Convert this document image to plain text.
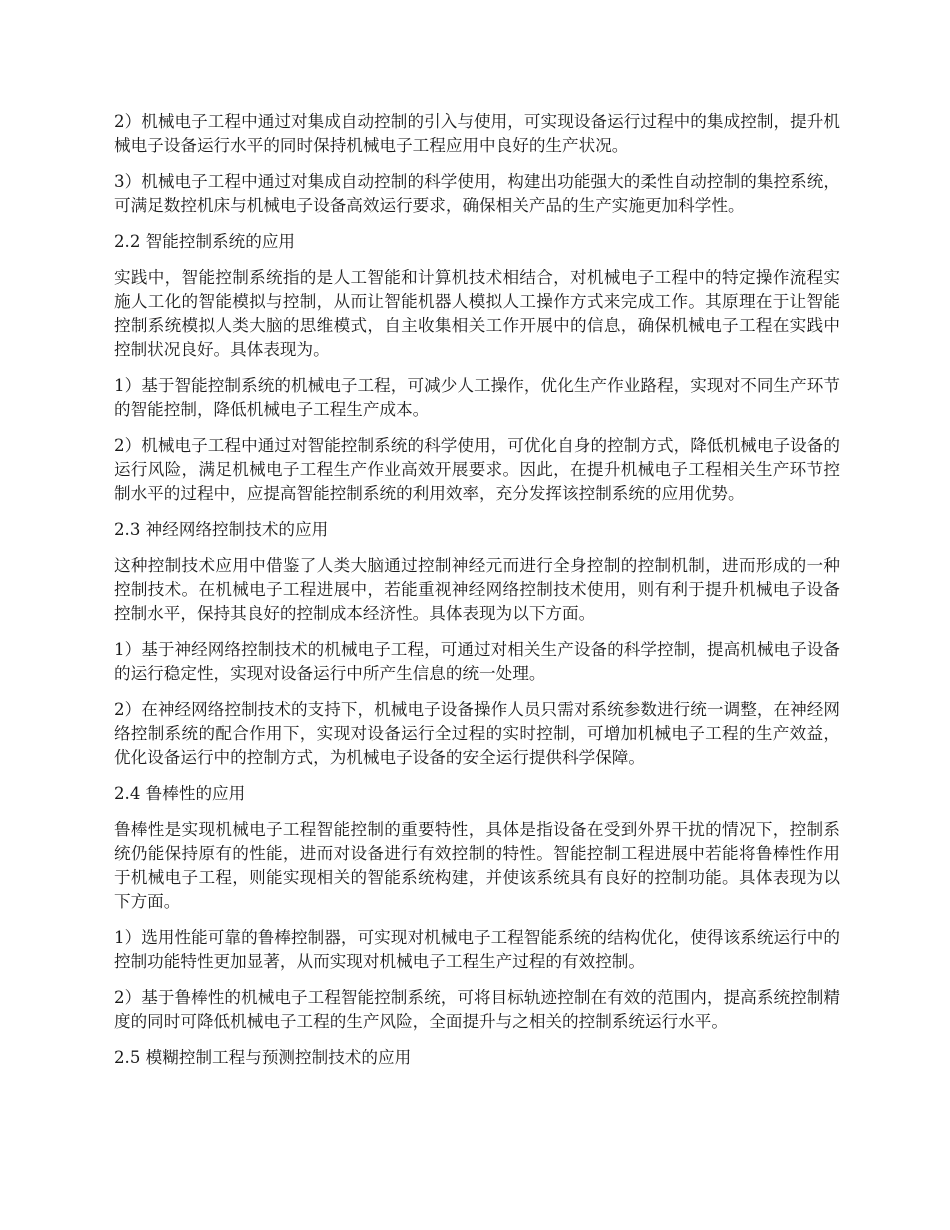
2）机械电子工程中通过对集成自动控制的引入与使用，可实现设备运行过程中的集成控制，提升机械电子设备运行水平的同时保持机械电子工程应用中良好的生产状况。

3）机械电子工程中通过对集成自动控制的科学使用，构建出功能强大的柔性自动控制的集控系统，可满足数控机床与机械电子设备高效运行要求，确保相关产品的生产实施更加科学性。

2.2 智能控制系统的应用

实践中，智能控制系统指的是人工智能和计算机技术相结合，对机械电子工程中的特定操作流程实施人工化的智能模拟与控制，从而让智能机器人模拟人工操作方式来完成工作。其原理在于让智能控制系统模拟人类大脑的思维模式，自主收集相关工作开展中的信息，确保机械电子工程在实践中控制状况良好。具体表现为。

1）基于智能控制系统的机械电子工程，可减少人工操作，优化生产作业路程，实现对不同生产环节的智能控制，降低机械电子工程生产成本。

2）机械电子工程中通过对智能控制系统的科学使用，可优化自身的控制方式，降低机械电子设备的运行风险，满足机械电子工程生产作业高效开展要求。因此，在提升机械电子工程相关生产环节控制水平的过程中，应提高智能控制系统的利用效率，充分发挥该控制系统的应用优势。

2.3 神经网络控制技术的应用

这种控制技术应用中借鉴了人类大脑通过控制神经元而进行全身控制的控制机制，进而形成的一种控制技术。在机械电子工程进展中，若能重视神经网络控制技术使用，则有利于提升机械电子设备控制水平，保持其良好的控制成本经济性。具体表现为以下方面。

1）基于神经网络控制技术的机械电子工程，可通过对相关生产设备的科学控制，提高机械电子设备的运行稳定性，实现对设备运行中所产生信息的统一处理。

2）在神经网络控制技术的支持下，机械电子设备操作人员只需对系统参数进行统一调整，在神经网络控制系统的配合作用下，实现对设备运行全过程的实时控制，可增加机械电子工程的生产效益，优化设备运行中的控制方式，为机械电子设备的安全运行提供科学保障。

2.4 鲁棒性的应用

鲁棒性是实现机械电子工程智能控制的重要特性，具体是指设备在受到外界干扰的情况下，控制系统仍能保持原有的性能，进而对设备进行有效控制的特性。智能控制工程进展中若能将鲁棒性作用于机械电子工程，则能实现相关的智能系统构建，并使该系统具有良好的控制功能。具体表现为以下方面。

1）选用性能可靠的鲁棒控制器，可实现对机械电子工程智能系统的结构优化，使得该系统运行中的控制功能特性更加显著，从而实现对机械电子工程生产过程的有效控制。

2）基于鲁棒性的机械电子工程智能控制系统，可将目标轨迹控制在有效的范围内，提高系统控制精度的同时可降低机械电子工程的生产风险，全面提升与之相关的控制系统运行水平。

2.5 模糊控制工程与预测控制技术的应用
